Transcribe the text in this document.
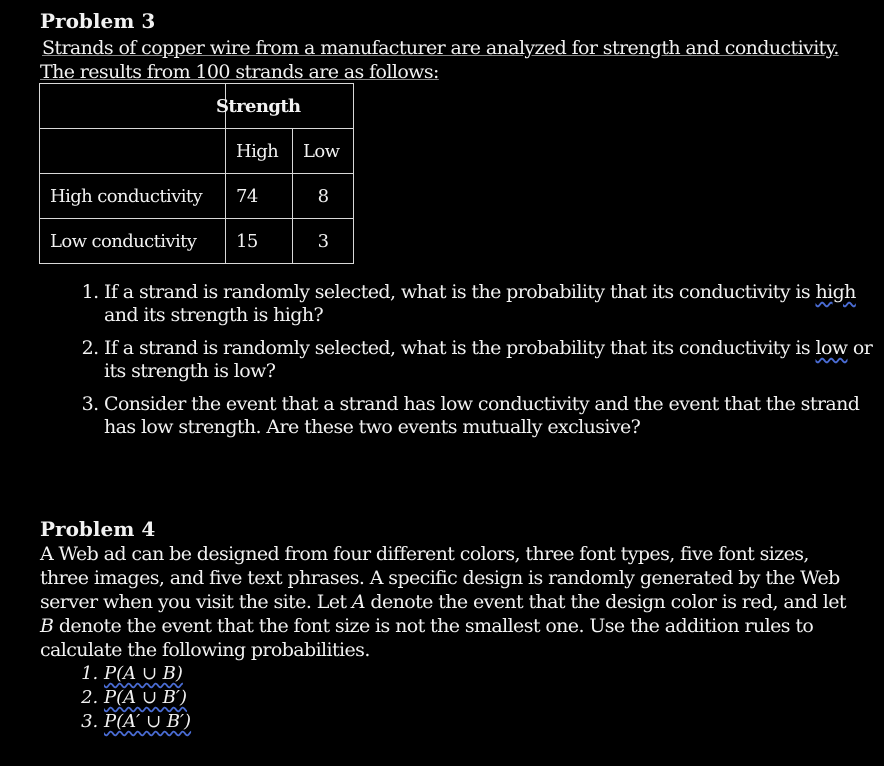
Problem 3

Strands of copper wire from a manufacturer are analyzed for strength and conductivity.

The results from 100 strands are as follows:

	Strength	
	High	Low
High conductivity	74	8
Low conductivity	15	3
1. If a strand is randomly selected, what is the probability that its conductivity is high and its strength is high?
2. If a strand is randomly selected, what is the probability that its conductivity is low or its strength is low?
3. Consider the event that a strand has low conductivity and the event that the strand has low strength. Are these two events mutually exclusive?
Problem 4

A Web ad can be designed from four different colors, three font types, five font sizes, three images, and five text phrases. A specific design is randomly generated by the Web server when you visit the site. Let A denote the event that the design color is red, and let B denote the event that the font size is not the smallest one. Use the addition rules to calculate the following probabilities.

1. P(A ∪ B)
2. P(A ∪ B′)
3. P(A′ ∪ B′)
